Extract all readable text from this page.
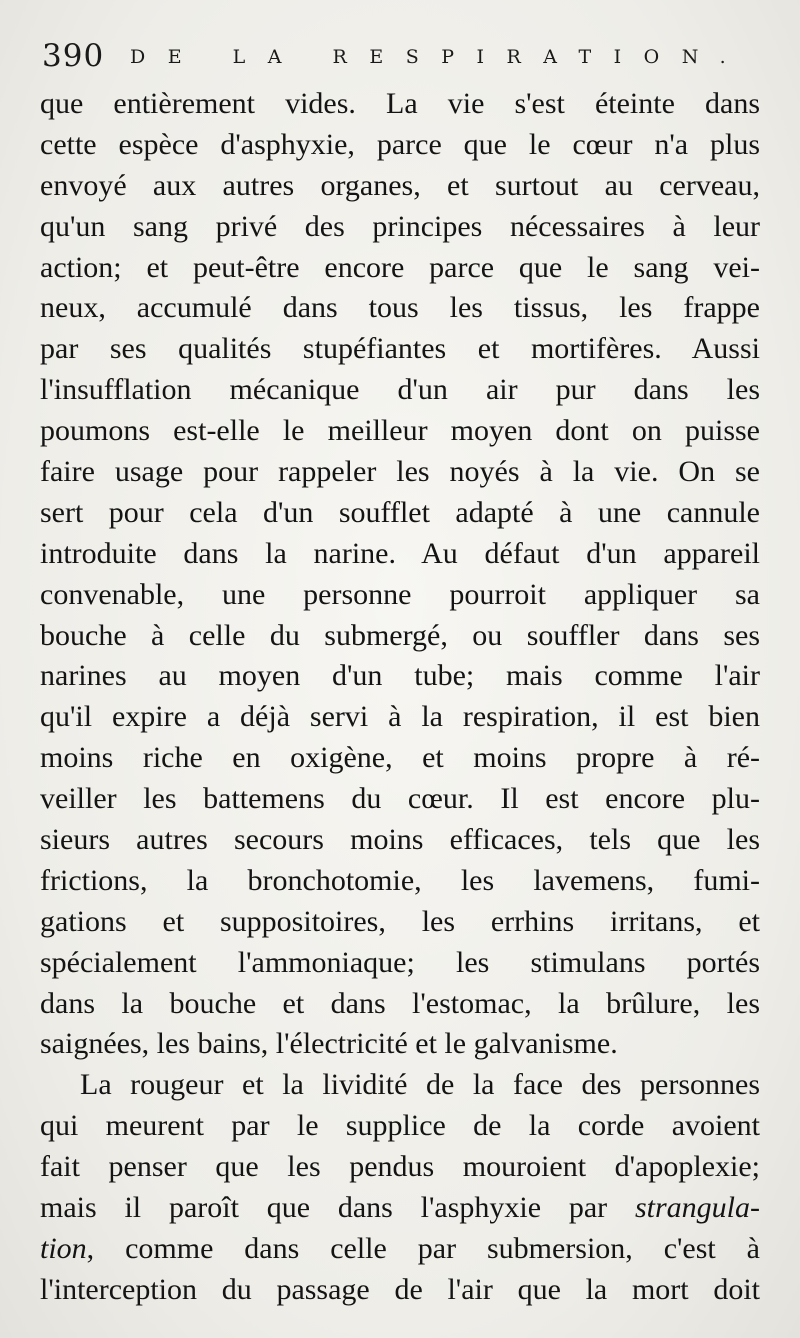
390 DE LA RESPIRATION.
que entièrement vides. La vie s'est éteinte dans
cette espèce d'asphyxie, parce que le cœur n'a plus
envoyé aux autres organes, et surtout au cerveau,
qu'un sang privé des principes nécessaires à leur
action; et peut-être encore parce que le sang vei-
neux, accumulé dans tous les tissus, les frappe
par ses qualités stupéfiantes et mortifères. Aussi
l'insufflation mécanique d'un air pur dans les
poumons est-elle le meilleur moyen dont on puisse
faire usage pour rappeler les noyés à la vie. On se
sert pour cela d'un soufflet adapté à une cannule
introduite dans la narine. Au défaut d'un appareil
convenable, une personne pourroit appliquer sa
bouche à celle du submergé, ou souffler dans ses
narines au moyen d'un tube; mais comme l'air
qu'il expire a déjà servi à la respiration, il est bien
moins riche en oxigène, et moins propre à ré-
veiller les battemens du cœur. Il est encore plu-
sieurs autres secours moins efficaces, tels que les
frictions, la bronchotomie, les lavemens, fumi-
gations et suppositoires, les errhins irritans, et
spécialement l'ammoniaque; les stimulans portés
dans la bouche et dans l'estomac, la brûlure, les
saignées, les bains, l'électricité et le galvanisme.
La rougeur et la lividité de la face des personnes
qui meurent par le supplice de la corde avoient
fait penser que les pendus mouroient d'apoplexie;
mais il paroît que dans l'asphyxie par strangula-
tion, comme dans celle par submersion, c'est à
l'interception du passage de l'air que la mort doit
